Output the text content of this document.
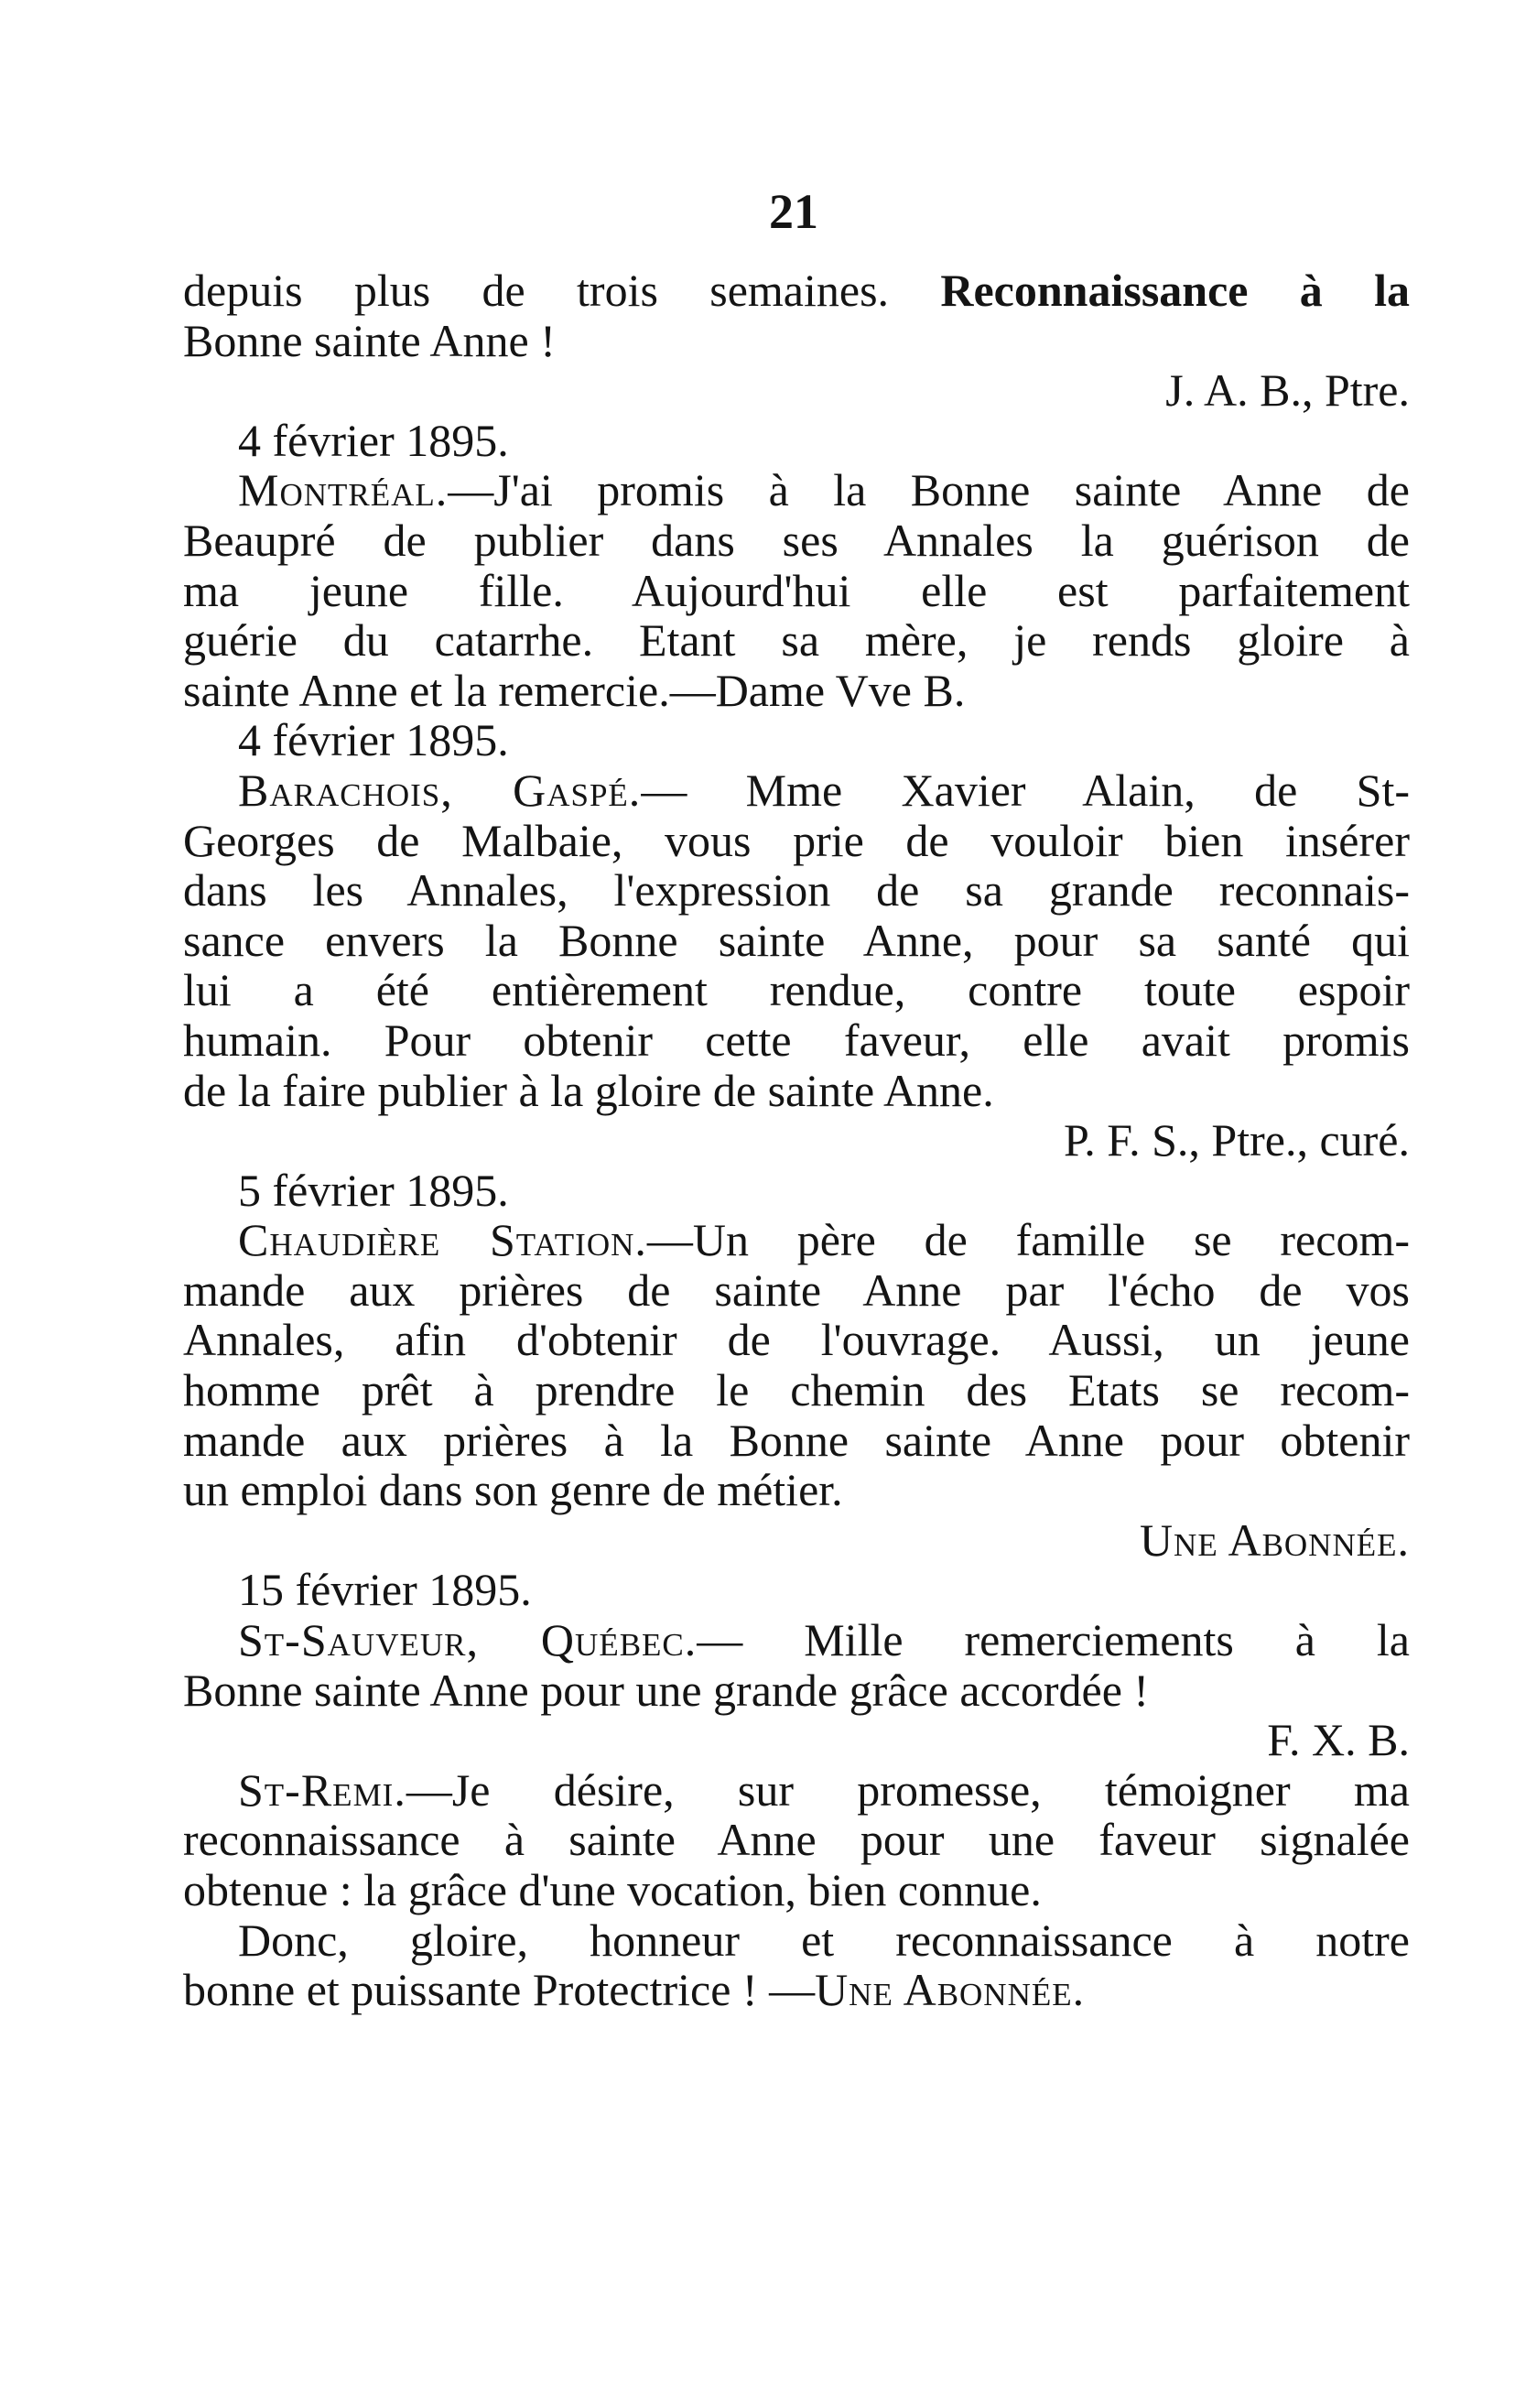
21
depuis plus de trois semaines. Reconnaissance à la
Bonne sainte Anne !
J. A. B., Ptre.
4 février 1895.
Montréal.—J'ai promis à la Bonne sainte Anne de
Beaupré de publier dans ses Annales la guérison de
ma jeune fille. Aujourd'hui elle est parfaitement
guérie du catarrhe. Etant sa mère, je rends gloire à
sainte Anne et la remercie.—Dame Vve B.
4 février 1895.
Barachois, Gaspé.— Mme Xavier Alain, de St-
Georges de Malbaie, vous prie de vouloir bien insérer
dans les Annales, l'expression de sa grande reconnais-
sance envers la Bonne sainte Anne, pour sa santé qui
lui a été entièrement rendue, contre toute espoir
humain. Pour obtenir cette faveur, elle avait promis
de la faire publier à la gloire de sainte Anne.
P. F. S., Ptre., curé.
5 février 1895.
Chaudière Station.—Un père de famille se recom-
mande aux prières de sainte Anne par l'écho de vos
Annales, afin d'obtenir de l'ouvrage. Aussi, un jeune
homme prêt à prendre le chemin des Etats se recom-
mande aux prières à la Bonne sainte Anne pour obtenir
un emploi dans son genre de métier.
Une Abonnée.
15 février 1895.
St-Sauveur, Québec.— Mille remerciements à la
Bonne sainte Anne pour une grande grâce accordée !
F. X. B.
St-Remi.—Je désire, sur promesse, témoigner ma
reconnaissance à sainte Anne pour une faveur signalée
obtenue : la grâce d'une vocation, bien connue.
Donc, gloire, honneur et reconnaissance à notre
bonne et puissante Protectrice ! —Une Abonnée.
